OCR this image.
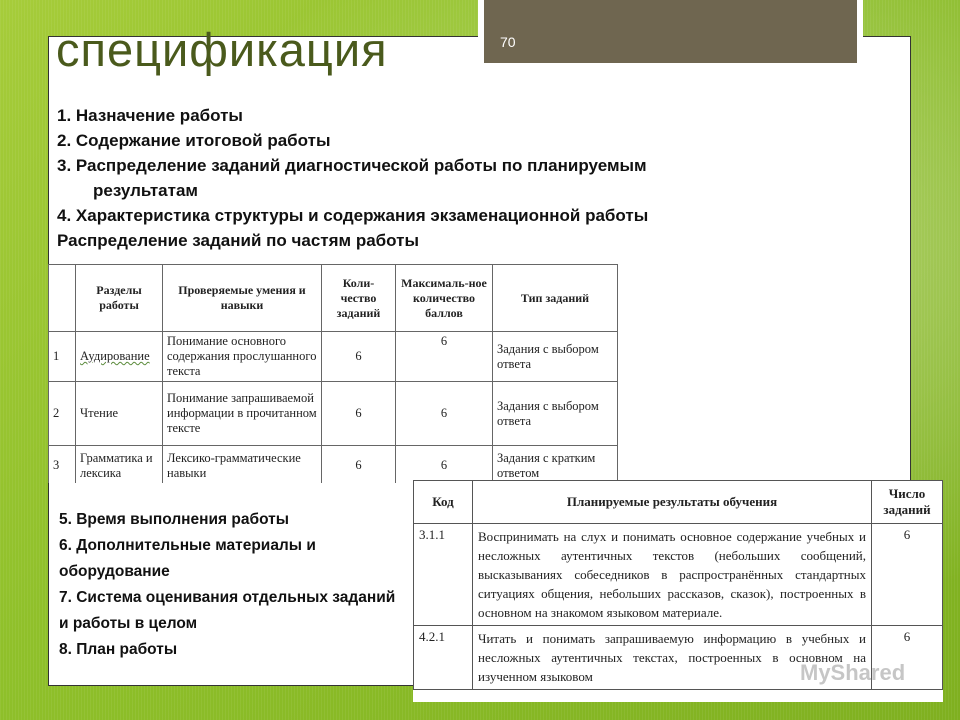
70
спецификация
1. Назначение работы
2. Содержание итоговой работы
3. Распределение заданий диагностической работы по планируемым
результатам
4. Характеристика структуры и содержания экзаменационной работы
Распределение заданий по частям работы
	Разделы работы	Проверяемые умения и навыки	Коли-чество заданий	Максималь-ное количество баллов	Тип заданий
1	Аудирование	Понимание основного содержания прослушанного текста	6	6	Задания с выбором ответа
2	Чтение	Понимание запрашиваемой информации в прочитанном тексте	6	6	Задания с выбором ответа
3	Грамматика и лексика	Лексико-грамматические навыки	6	6	Задания с кратким ответом
5. Время выполнения работы
6. Дополнительные материалы и оборудование
7. Система оценивания отдельных заданий и работы в целом
8. План работы
Код	Планируемые результаты обучения	Число заданий
3.1.1	Воспринимать на слух и понимать основное содержание учебных и несложных аутентичных текстов (небольших сообщений, высказываниях собеседников в распространённых стандартных ситуациях общения, небольших рассказов, сказок), построенных в основном на знакомом языковом материале.	6
4.2.1	Читать и понимать запрашиваемую информацию в учебных и несложных аутентичных текстах, построенных в основном на изученном языковом	6
MyShared
